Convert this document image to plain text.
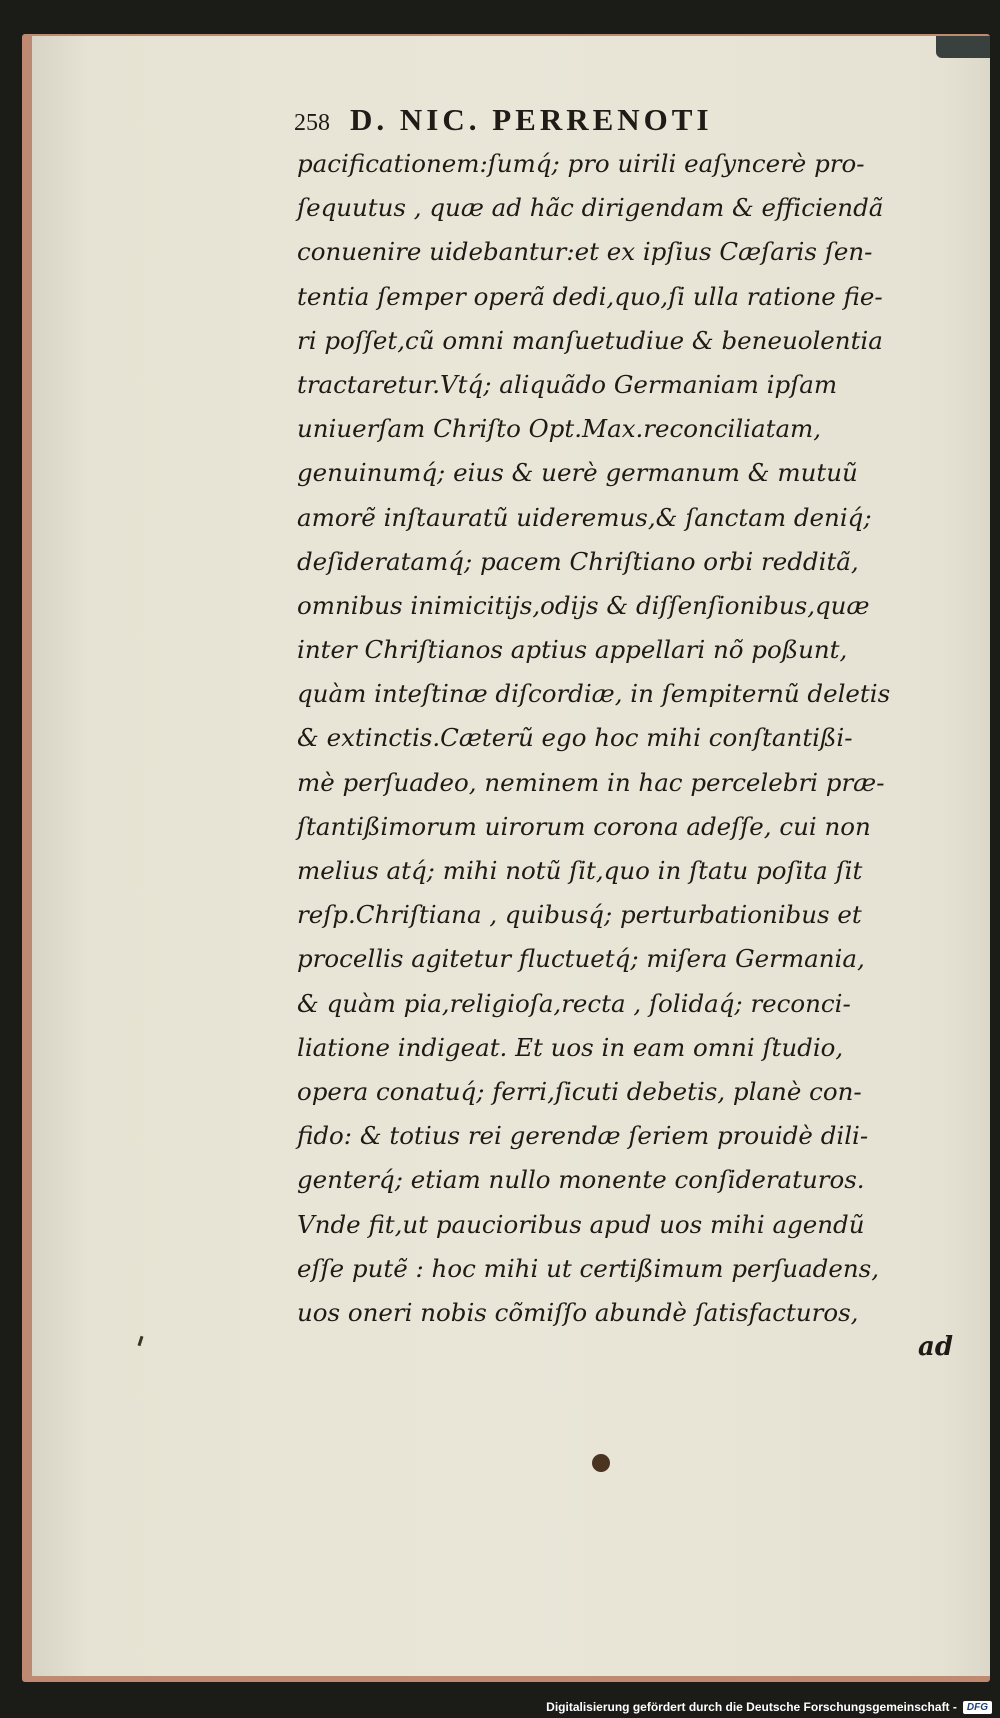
258 D. NIC. PERRENOTI
pacificationem:ſumq́; pro uirili eaſyncerè pro-
ſequutus , quæ ad hãc dirigendam & efficiendã
conuenire uidebantur:et ex ipſius Cæſaris ſen-
tentia ſemper operã dedi,quo,ſi ulla ratione fie-
ri poſſet,cũ omni manſuetudiue & beneuolentia
tractaretur.Vtq́; aliquãdo Germaniam ipſam
uniuerſam Chriſto Opt.Max.reconciliatam,
genuinumq́; eius & uerè germanum & mutuũ
amorẽ inſtauratũ uideremus,& ſanctam deniq́;
deſideratamq́; pacem Chriſtiano orbi redditã,
omnibus inimicitijs,odijs & diſſenſionibus,quæ
inter Chriſtianos aptius appellari nõ poßunt,
quàm inteſtinæ diſcordiæ, in ſempiternũ deletis
& extinctis.Cæterũ ego hoc mihi conſtantißi-
mè perſuadeo, neminem in hac percelebri præ-
ſtantißimorum uirorum corona adeſſe, cui non
melius atq́; mihi notũ ſit,quo in ſtatu poſita ſit
reſp.Chriſtiana , quibusq́; perturbationibus et
procellis agitetur fluctuetq́; miſera Germania,
& quàm pia,religioſa,recta , ſolidaq́; reconci-
liatione indigeat. Et uos in eam omni ſtudio,
opera conatuq́; ferri,ſicuti debetis, planè con-
fido: & totius rei gerendæ ſeriem prouidè dili-
genterq́; etiam nullo monente conſideraturos.
Vnde fit,ut paucioribus apud uos mihi agendũ
eſſe putẽ : hoc mihi ut certißimum perſuadens,
uos oneri nobis cõmiſſo abundè ſatisfacturos,
ad
Digitalisierung gefördert durch die Deutsche Forschungsgemeinschaft -	DFG
